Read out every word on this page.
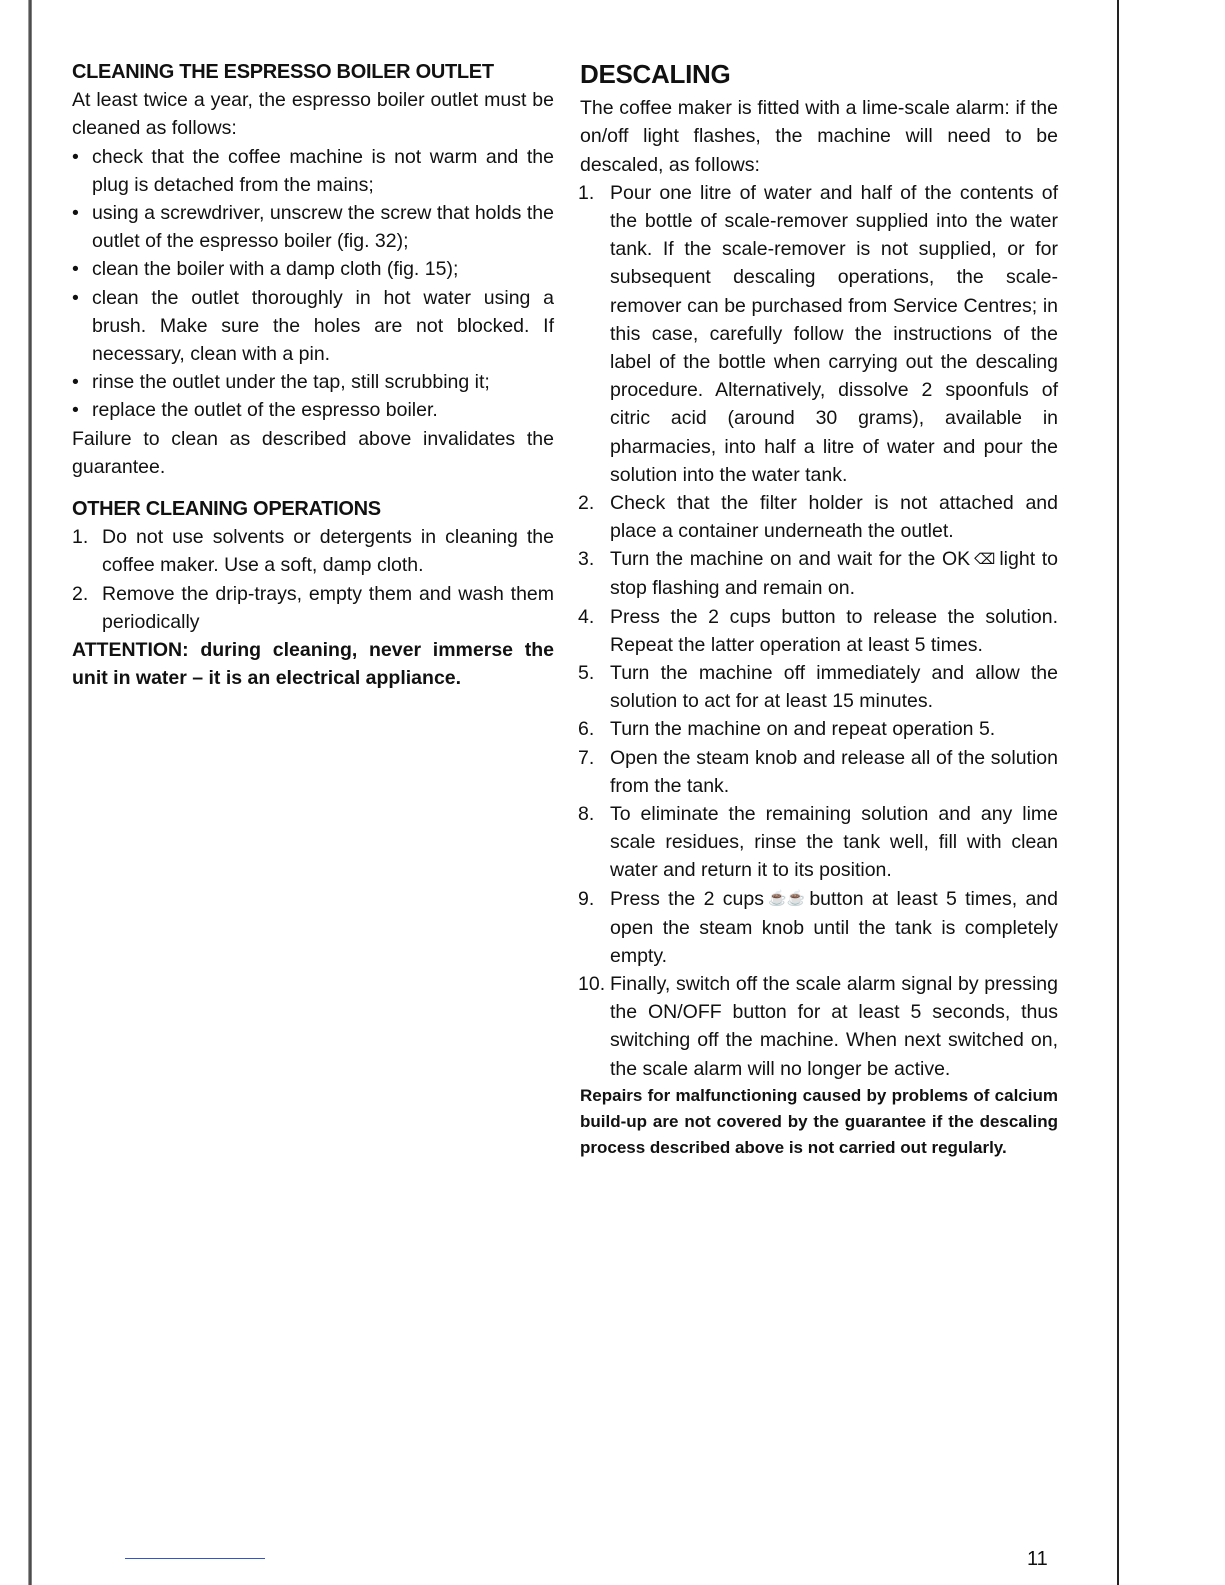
CLEANING THE ESPRESSO BOILER OUTLET

At least twice a year, the espresso boiler outlet must be cleaned as follows:

• check that the coffee machine is not warm and the plug is detached from the mains;
• using a screwdriver, unscrew the screw that holds the outlet of the espresso boiler (fig. 32);
• clean the boiler with a damp cloth (fig. 15);
• clean the outlet thoroughly in hot water using a brush. Make sure the holes are not blocked. If necessary, clean with a pin.
• rinse the outlet under the tap, still scrubbing it;
• replace the outlet of the espresso boiler.

Failure to clean as described above invalidates the guarantee.

OTHER CLEANING OPERATIONS
1. Do not use solvents or detergents in cleaning the coffee maker. Use a soft, damp cloth.
2. Remove the drip-trays, empty them and wash them periodically

ATTENTION: during cleaning, never immerse the unit in water – it is an electrical appliance.

DESCALING

The coffee maker is fitted with a lime-scale alarm: if the on/off light flashes, the machine will need to be descaled, as follows:

1. Pour one litre of water and half of the contents of the bottle of scale-remover supplied into the water tank. If the scale-remover is not supplied, or for subsequent descaling operations, the scale-remover can be purchased from Service Centres; in this case, carefully follow the instructions of the label of the bottle when carrying out the descaling procedure. Alternatively, dissolve 2 spoonfuls of citric acid (around 30 grams), available in pharmacies, into half a litre of water and pour the solution into the water tank.
2. Check that the filter holder is not attached and place a container underneath the outlet.
3. Turn the machine on and wait for the OK ⌫ light to stop flashing and remain on.
4. Press the 2 cups button to release the solution. Repeat the latter operation at least 5 times.
5. Turn the machine off immediately and allow the solution to act for at least 15 minutes.
6. Turn the machine on and repeat operation 5.
7. Open the steam knob and release all of the solution from the tank.
8. To eliminate the remaining solution and any lime scale residues, rinse the tank well, fill with clean water and return it to its position.
9. Press the 2 cups ☕☕ button at least 5 times, and open the steam knob until the tank is completely empty.
10. Finally, switch off the scale alarm signal by pressing the ON/OFF button for at least 5 seconds, thus switching off the machine. When next switched on, the scale alarm will no longer be active.

Repairs for malfunctioning caused by problems of calcium build-up are not covered by the guarantee if the descaling process described above is not carried out regularly.

11
